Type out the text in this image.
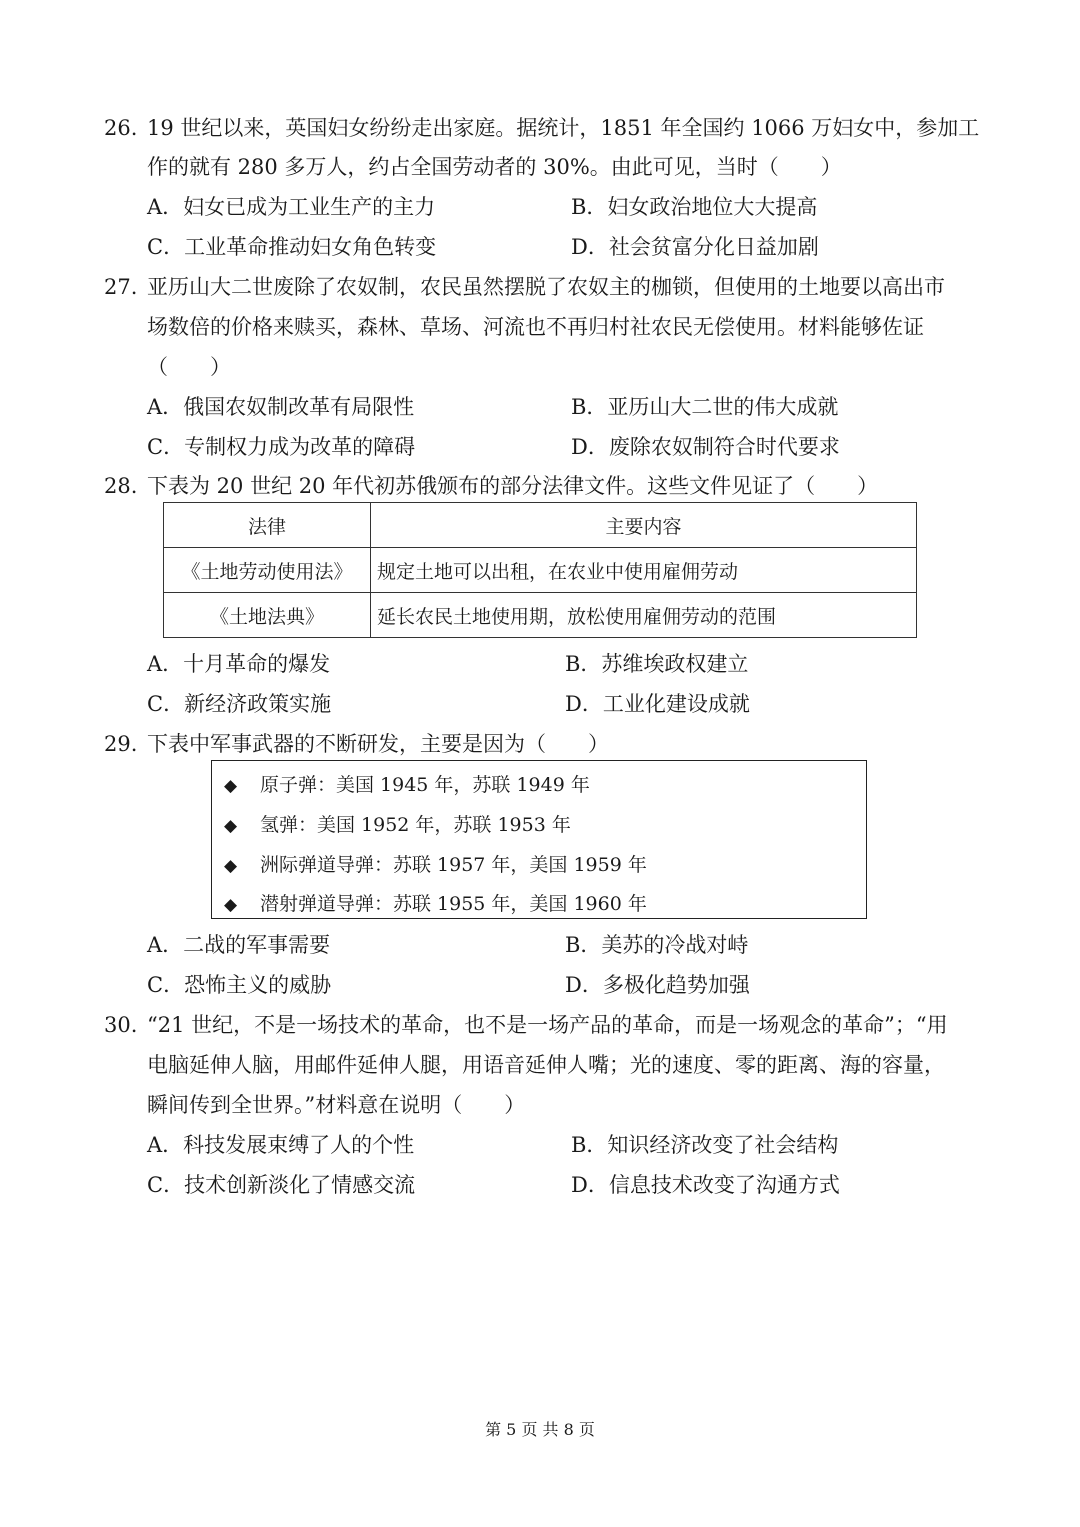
26. 19 世纪以来，英国妇女纷纷走出家庭。据统计，1851 年全国约 1066 万妇女中，参加工
作的就有 280 多万人，约占全国劳动者的 30%。由此可见，当时（　　）
A．妇女已成为工业生产的主力	B．妇女政治地位大大提高
C．工业革命推动妇女角色转变	D．社会贫富分化日益加剧
27. 亚历山大二世废除了农奴制，农民虽然摆脱了农奴主的枷锁，但使用的土地要以高出市
场数倍的价格来赎买，森林、草场、河流也不再归村社农民无偿使用。材料能够佐证
（　　）
A．俄国农奴制改革有局限性	B．亚历山大二世的伟大成就
C．专制权力成为改革的障碍	D．废除农奴制符合时代要求
28. 下表为 20 世纪 20 年代初苏俄颁布的部分法律文件。这些文件见证了（　　）
法律	主要内容
《土地劳动使用法》	规定土地可以出租，在农业中使用雇佣劳动
《土地法典》	延长农民土地使用期，放松使用雇佣劳动的范围
A．十月革命的爆发	B．苏维埃政权建立
C．新经济政策实施	D．工业化建设成就
29. 下表中军事武器的不断研发，主要是因为（　　）
◆ 原子弹：美国 1945 年，苏联 1949 年
◆ 氢弹：美国 1952 年，苏联 1953 年
◆ 洲际弹道导弹：苏联 1957 年，美国 1959 年
◆ 潜射弹道导弹：苏联 1955 年，美国 1960 年
A．二战的军事需要	B．美苏的冷战对峙
C．恐怖主义的威胁	D．多极化趋势加强
30. “21 世纪，不是一场技术的革命，也不是一场产品的革命，而是一场观念的革命”；“用
电脑延伸人脑，用邮件延伸人腿，用语音延伸人嘴；光的速度、零的距离、海的容量，
瞬间传到全世界。”材料意在说明（　　）
A．科技发展束缚了人的个性	B．知识经济改变了社会结构
C．技术创新淡化了情感交流	D．信息技术改变了沟通方式
第 5 页 共 8 页
